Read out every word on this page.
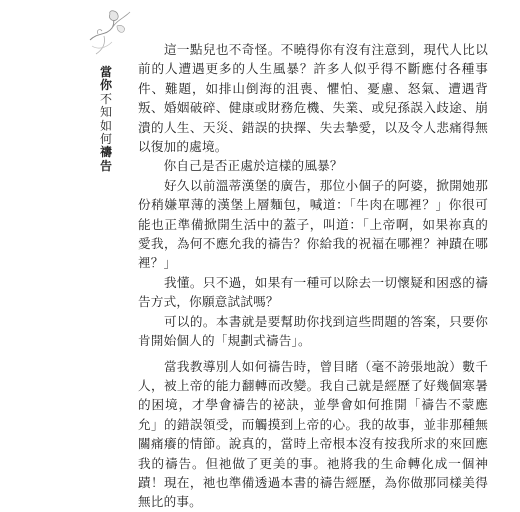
當
你
不
知
如
何
禱
告

　　這一點兒也不奇怪。不曉得你有沒有注意到，現代人比以前的人遭遇更多的人生風暴？許多人似乎得不斷應付各種事件、難題，如排山倒海的沮喪、懼怕、憂慮、怒氣、遭遇背叛、婚姻破碎、健康或財務危機、失業、或兒孫誤入歧途、崩潰的人生、天災、錯誤的抉擇、失去摯愛，以及令人悲痛得無以復加的處境。

　　你自己是否正處於這樣的風暴？

　　好久以前溫蒂漢堡的廣告，那位小個子的阿婆，掀開她那份稍嫌單薄的漢堡上層麵包，喊道：「牛肉在哪裡？」你很可能也正準備掀開生活中的蓋子，叫道：「上帝啊，如果祢真的愛我，為何不應允我的禱告？你給我的祝福在哪裡？神蹟在哪裡？」

　　我懂。只不過，如果有一種可以除去一切懷疑和困惑的禱告方式，你願意試試嗎？

　　可以的。本書就是要幫助你找到這些問題的答案，只要你肯開始個人的「規劃式禱告」。

　　當我教導別人如何禱告時，曾目睹（毫不誇張地說）數千人，被上帝的能力翻轉而改變。我自己就是經歷了好幾個寒暑的困境，才學會禱告的祕訣，並學會如何推開「禱告不蒙應允」的錯誤領受，而觸摸到上帝的心。我的故事，並非那種無關痛癢的情節。說真的，當時上帝根本沒有按我所求的來回應我的禱告。但祂做了更美的事。祂將我的生命轉化成一個神蹟！現在，祂也準備透過本書的禱告經歷，為你做那同樣美得無比的事。
